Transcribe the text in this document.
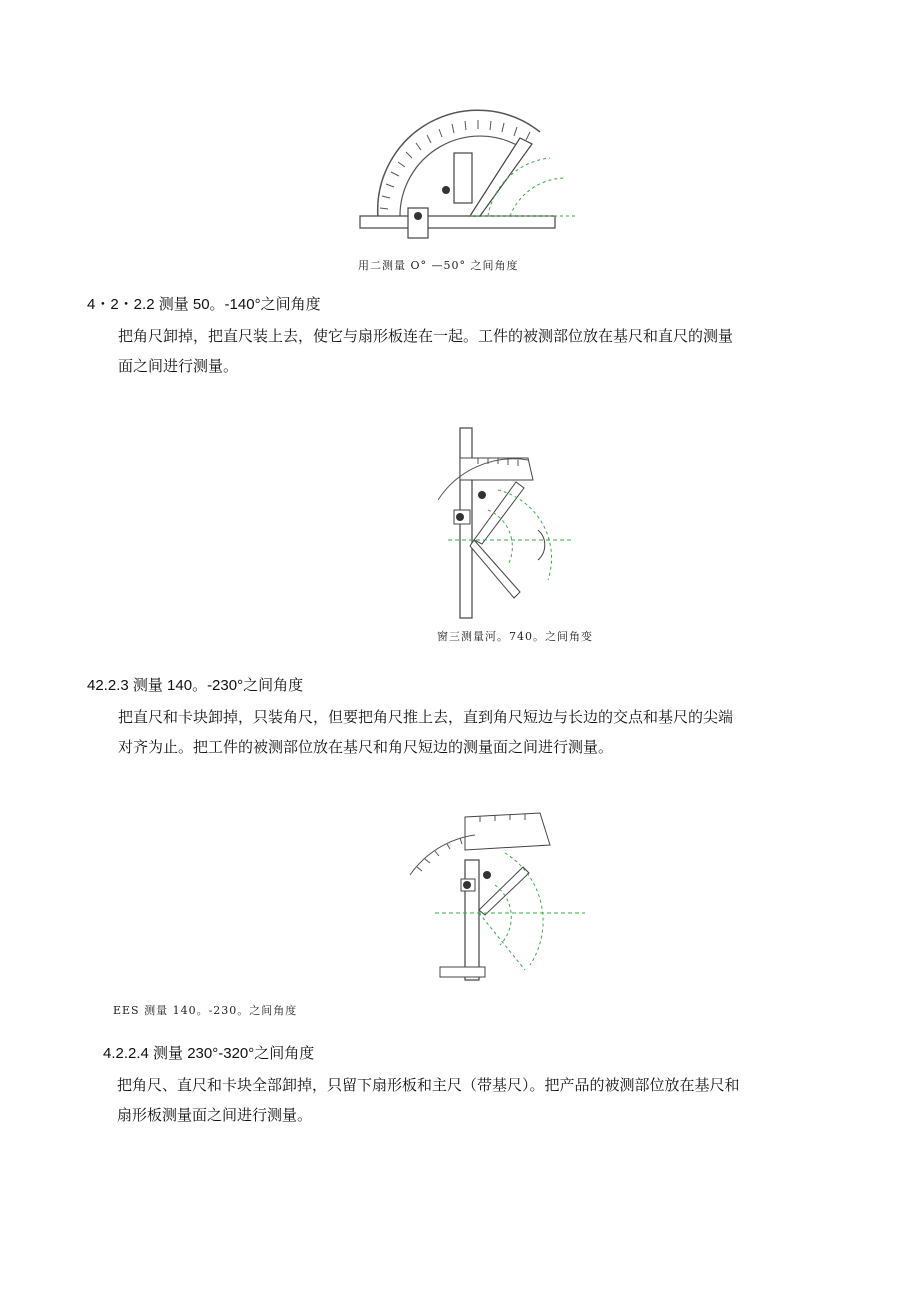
用二测量 O° —50° 之间角度
4・2・2.2 测量 50。-140°之间角度

把角尺卸掉，把直尺装上去，使它与扇形板连在一起。工件的被测部位放在基尺和直尺的测量

面之间进行测量。

窗三测量河。740。之间角变
42.2.3 测量 140。-230°之间角度

把直尺和卡块卸掉，只装角尺，但要把角尺推上去，直到角尺短边与长边的交点和基尺的尖端

对齐为止。把工件的被测部位放在基尺和角尺短边的测量面之间进行测量。

EES 测量 140。-230。之间角度
4.2.2.4 测量 230°-320°之间角度

把角尺、直尺和卡块全部卸掉，只留下扇形板和主尺（带基尺）。把产品的被测部位放在基尺和

扇形板测量面之间进行测量。
